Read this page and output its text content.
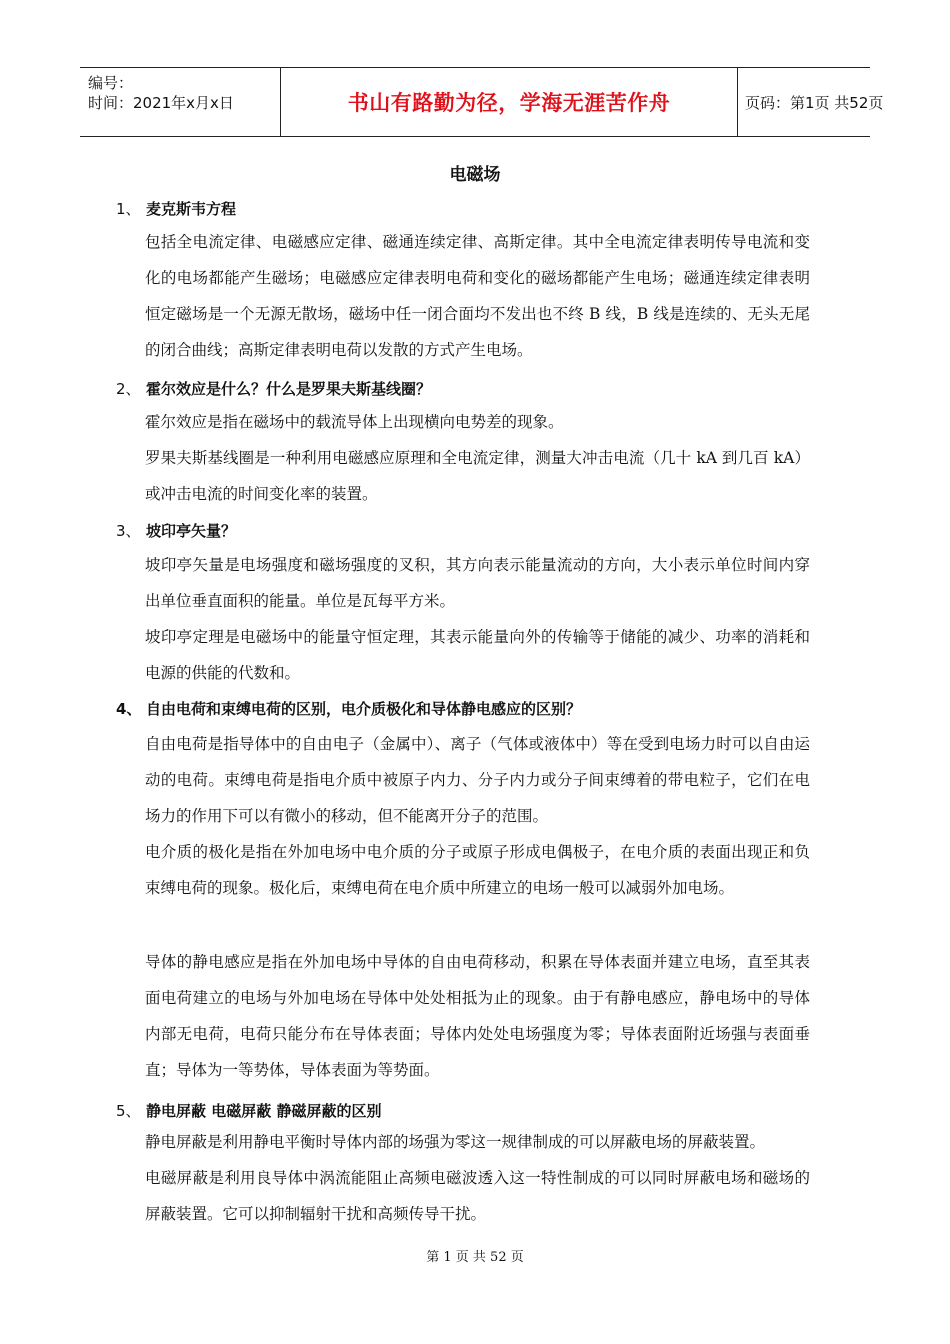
编号：
时间：2021年x月x日	书山有路勤为径，学海无涯苦作舟	页码：第1页 共52页
电磁场
1、 麦克斯韦方程
包括全电流定律、电磁感应定律、磁通连续定律、高斯定律。其中全电流定律表明传导电流和变化的电场都能产生磁场；电磁感应定律表明电荷和变化的磁场都能产生电场；磁通连续定律表明恒定磁场是一个无源无散场，磁场中任一闭合面均不发出也不终 B 线，B 线是连续的、无头无尾的闭合曲线；高斯定律表明电荷以发散的方式产生电场。
2、 霍尔效应是什么？什么是罗果夫斯基线圈？
霍尔效应是指在磁场中的载流导体上出现横向电势差的现象。
罗果夫斯基线圈是一种利用电磁感应原理和全电流定律，测量大冲击电流（几十 kA 到几百 kA）或冲击电流的时间变化率的装置。
3、 坡印亭矢量？
坡印亭矢量是电场强度和磁场强度的叉积，其方向表示能量流动的方向，大小表示单位时间内穿出单位垂直面积的能量。单位是瓦每平方米。
坡印亭定理是电磁场中的能量守恒定理，其表示能量向外的传输等于储能的减少、功率的消耗和电源的供能的代数和。
4、 自由电荷和束缚电荷的区别，电介质极化和导体静电感应的区别？
自由电荷是指导体中的自由电子（金属中）、离子（气体或液体中）等在受到电场力时可以自由运动的电荷。束缚电荷是指电介质中被原子内力、分子内力或分子间束缚着的带电粒子，它们在电场力的作用下可以有微小的移动，但不能离开分子的范围。
电介质的极化是指在外加电场中电介质的分子或原子形成电偶极子，在电介质的表面出现正和负束缚电荷的现象。极化后，束缚电荷在电介质中所建立的电场一般可以减弱外加电场。
导体的静电感应是指在外加电场中导体的自由电荷移动，积累在导体表面并建立电场，直至其表面电荷建立的电场与外加电场在导体中处处相抵为止的现象。由于有静电感应，静电场中的导体内部无电荷，电荷只能分布在导体表面；导体内处处电场强度为零；导体表面附近场强与表面垂直；导体为一等势体，导体表面为等势面。
5、 静电屏蔽 电磁屏蔽 静磁屏蔽的区别
静电屏蔽是利用静电平衡时导体内部的场强为零这一规律制成的可以屏蔽电场的屏蔽装置。
电磁屏蔽是利用良导体中涡流能阻止高频电磁波透入这一特性制成的可以同时屏蔽电场和磁场的屏蔽装置。它可以抑制辐射干扰和高频传导干扰。
第 1 页 共 52 页
